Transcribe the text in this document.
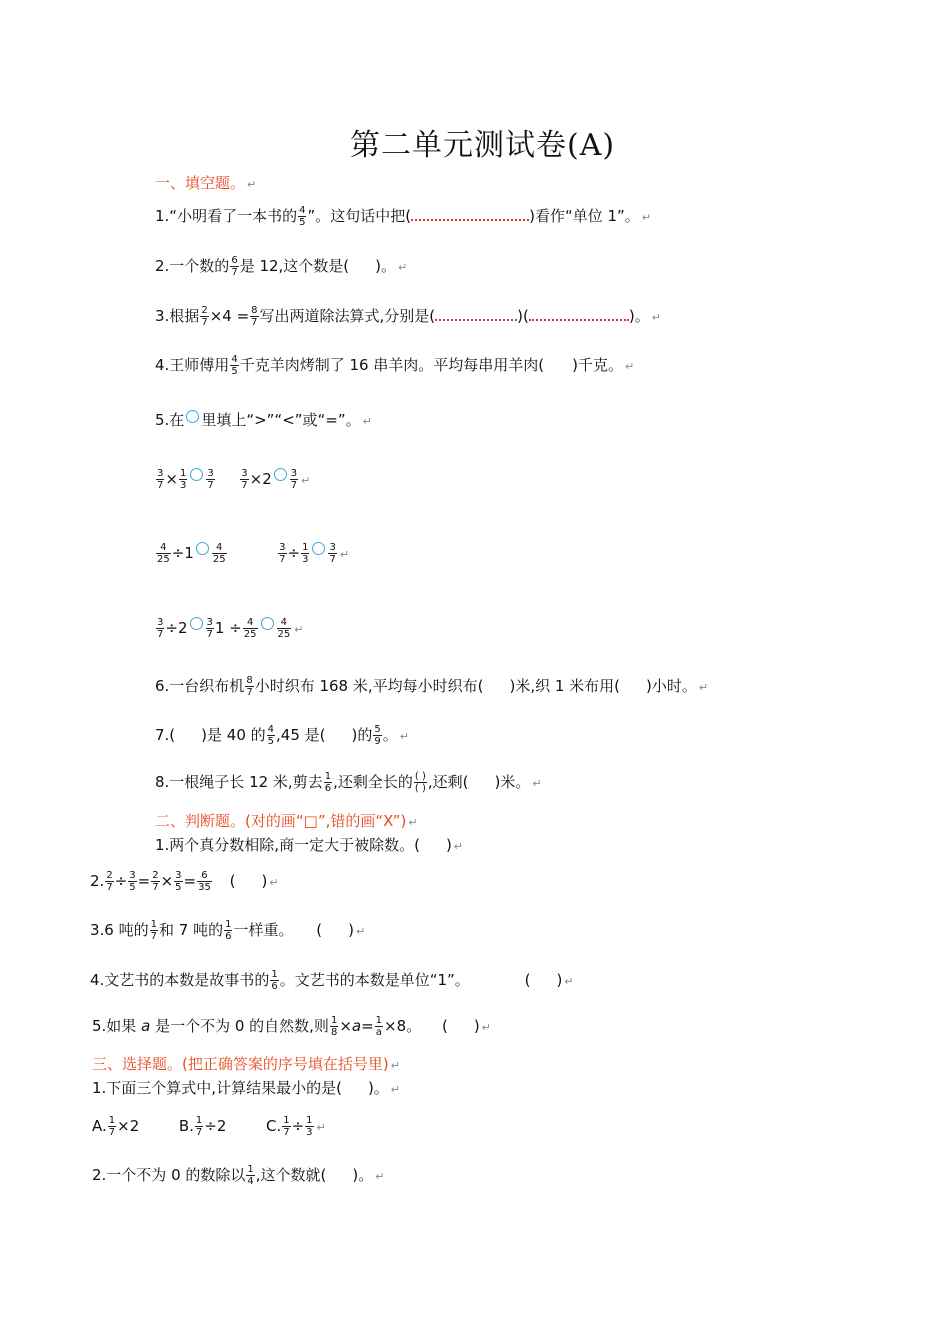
第二单元测试卷(A)
一、填空题。 ↵
1.“小明看了一本书的 $\frac{4}{5}$ ”。这句话中把(	)看作“单位 1”。 ↵
2.一个数的 $\frac{6}{7}$ 是 12,这个数是( )。 ↵
3.根据 $\frac{2}{7} \times 4 = \frac{8}{7}$ 写出两道除法算式,分别是(	)(	)。 ↵
4.王师傅用 $\frac{4}{5}$ 千克羊肉烤制了 16 串羊肉。平均每串用羊肉( )千克。 ↵
5.在 里填上“>”“<”或“=”。 ↵
$\frac{3}{7} \times \frac{1}{3} \frac{3}{7}$
	$\frac{3}{7} \times 2 \frac{3}{7}$ ↵
$\frac{4}{25} \div 1 \frac{4}{25}$
	$\frac{3}{7} \div \frac{1}{3} \frac{3}{7}$ ↵
$\frac{3}{7} \div 2 \frac{3}{7} 1 \div \frac{4}{25} \frac{4}{25}$ ↵
6.一台织布机 $\frac{8}{7}$ 小时织布 168 米,平均每小时织布( )米,织 1 米布用( )小时。 ↵
7.( )是 40 的 $\frac{4}{5} ,45$ 是( )的 $\frac{5}{9}$ 。 ↵
8.一根绳子长 12 米,剪去 $\frac{1}{6}$ ,还剩全长的 $\frac{( )}{( )}$ ,还剩( )米。 ↵
二、判断题。(对的画“□”,错的画“X”) ↵
1.两个真分数相除,商一定大于被除数。( ) ↵
2. $\frac{2}{7} \div \frac{3}{5} = \frac{2}{7} \times \frac{3}{5} = \frac{6}{35}$ ( ) ↵
3.6 吨的 $\frac{1}{7}$ 和 7 吨的 $\frac{1}{6}$ 一样重。 ( ) ↵
4.文艺书的本数是故事书的 $\frac{1}{6}$ 。文艺书的本数是单位“1”。	( ) ↵
5.如果 a 是一个不为 0 的自然数,则 $\frac{1}{8} \times a= \frac{1}{a} \times 8$。 ( ) ↵
三、选择题。(把正确答案的序号填在括号里) ↵
1.下面三个算式中,计算结果最小的是( )。 ↵
A. $\frac{1}{7} \times 2$	B. $\frac{1}{7} \div 2$	C. $\frac{1}{7} \div \frac{1}{3}$ ↵
2.一个不为 0 的数除以 $\frac{1}{4}$ ,这个数就( )。 ↵
